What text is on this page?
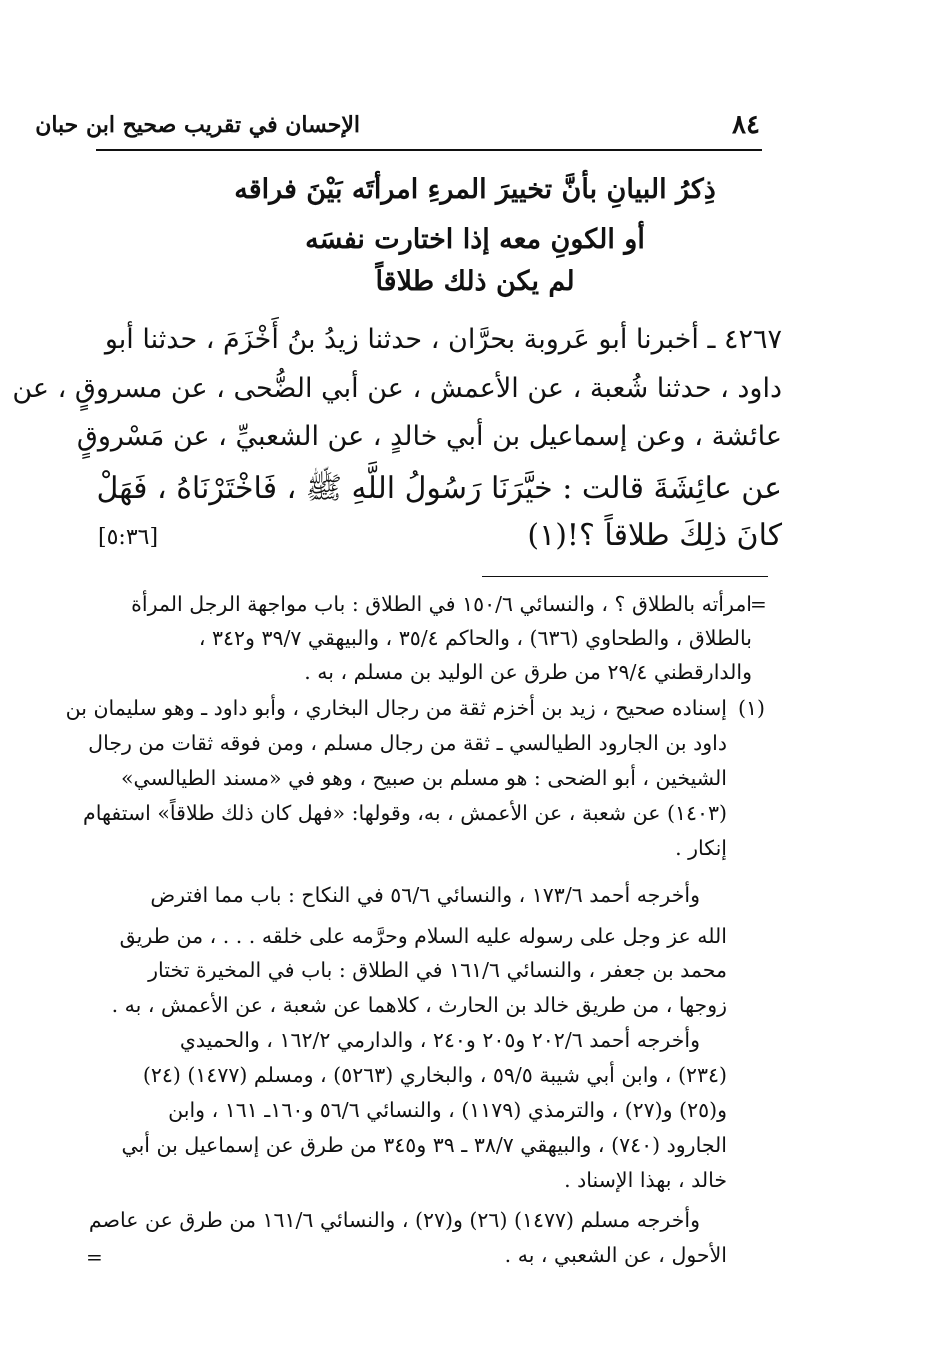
٨٤
الإحسان في تقريب صحيح ابن حبان
ذِكرُ البيانِ بأنَّ تخييرَ المرءِ امرأتَه بَيْنَ فراقه
أو الكونِ معه إذا اختارت نفسَه
لم يكن ذلك طلاقاً
٤٢٦٧ ـ أخبرنا أبو عَروبة بحرَّان ، حدثنا زيدُ بنُ أَخْزَمَ ، حدثنا أبو
داود ، حدثنا شُعبة ، عن الأعمش ، عن أبي الضُّحى ، عن مسروقٍ ، عن
عائشة ، وعن إسماعيل بن أبي خالدٍ ، عن الشعبيِّ ، عن مَسْروقٍ
عن عائِشَةَ قالت : خيَّرَنَا رَسُولُ اللَّهِ ﷺ ، فَاخْتَرْنَاهُ ، فَهَلْ
كانَ ذلِكَ طلاقاً ؟!(١)
[٥:٣٦]
=
امرأته بالطلاق ؟ ، والنسائي ١٥٠/٦ في الطلاق : باب مواجهة الرجل المرأة
بالطلاق ، والطحاوي (٦٣٦) ، والحاكم ٣٥/٤ ، والبيهقي ٣٩/٧ و٣٤٢ ،
والدارقطني ٢٩/٤ من طرق عن الوليد بن مسلم ، به .
(١)
إسناده صحيح ، زيد بن أخزم ثقة من رجال البخاري ، وأبو داود ـ وهو سليمان بن
داود بن الجارود الطيالسي ـ ثقة من رجال مسلم ، ومن فوقه ثقات من رجال
الشيخين ، أبو الضحى : هو مسلم بن صبيح ، وهو في «مسند الطيالسي»
(١٤٠٣) عن شعبة ، عن الأعمش ، به، وقولها: «فهل كان ذلك طلاقاً» استفهام
إنكار .
وأخرجه أحمد ١٧٣/٦ ، والنسائي ٥٦/٦ في النكاح : باب مما افترض
الله عز وجل على رسوله عليه السلام وحرَّمه على خلقه . . . ، من طريق
محمد بن جعفر ، والنسائي ١٦١/٦ في الطلاق : باب في المخيرة تختار
زوجها ، من طريق خالد بن الحارث ، كلاهما عن شعبة ، عن الأعمش ، به .
وأخرجه أحمد ٢٠٢/٦ و٢٠٥ و٢٤٠ ، والدارمي ١٦٢/٢ ، والحميدي
(٢٣٤) ، وابن أبي شيبة ٥٩/٥ ، والبخاري (٥٢٦٣) ، ومسلم (١٤٧٧) (٢٤)
و(٢٥) و(٢٧) ، والترمذي (١١٧٩) ، والنسائي ٥٦/٦ و١٦٠ـ ١٦١ ، وابن
الجارود (٧٤٠) ، والبيهقي ٣٨/٧ ـ ٣٩ و٣٤٥ من طرق عن إسماعيل بن أبي
خالد ، بهذا الإسناد .
وأخرجه مسلم (١٤٧٧) (٢٦) و(٢٧) ، والنسائي ١٦١/٦ من طرق عن عاصم
الأحول ، عن الشعبي ، به .
=
